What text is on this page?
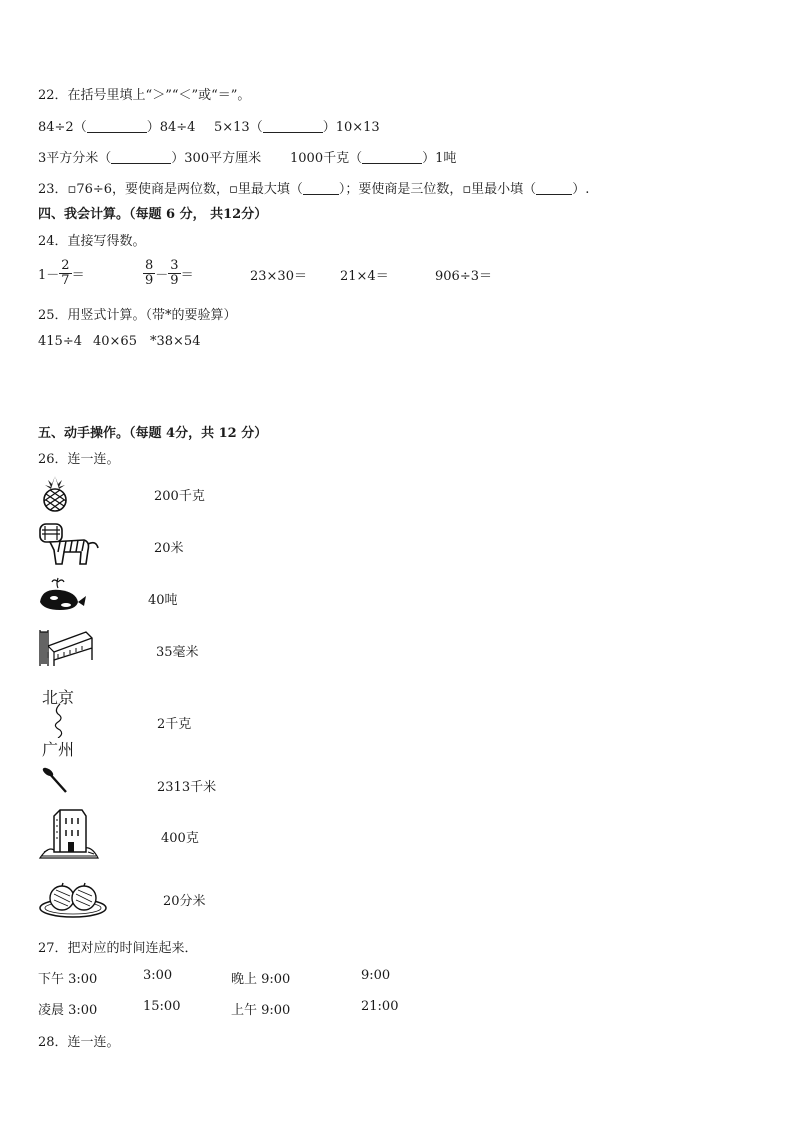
22．在括号里填上“＞”“＜”或“＝”。
84÷2（	）84÷4 5×13（	）10×13
3平方分米（	）300平方厘米 1000千克（	）1吨
23．▫76÷6，要使商是两位数，▫里最大填（	）；要使商是三位数，▫里最小填（	）.
四、我会计算。（每题 6 分， 共12分）
24．直接写得数。
$1- \frac{2}{7}$ ＝	$\frac{8}{9} - \frac{3}{9}$ ＝	23×30＝	21×4＝	906÷3＝
25．用竖式计算。（带*的要验算）
415÷4 40×65 *38×54
五、动手操作。（每题 4分，共 12 分）
26．连一连。
200千克
20米
40吨
35毫米
北京
广州
2千克
2313千米
400克
20分米
27．把对应的时间连起来．
下午 3:00	3:00	晚上 9:00	9:00
凌晨 3:00	15:00	上午 9:00	21:00
28．连一连。
